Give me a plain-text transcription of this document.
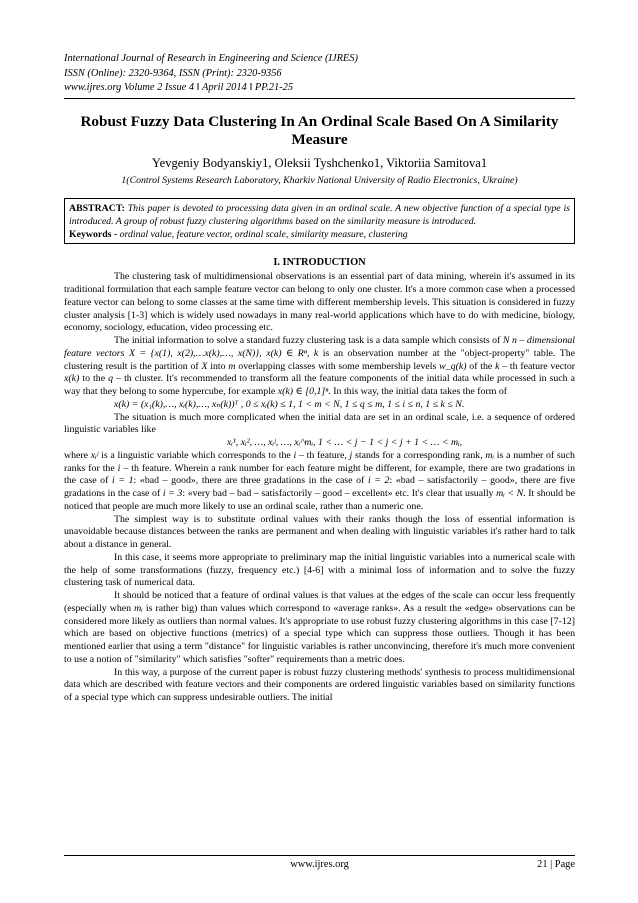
International Journal of Research in Engineering and Science (IJRES)
ISSN (Online): 2320-9364, ISSN (Print): 2320-9356
www.ijres.org Volume 2 Issue 4 ǁ April 2014 ǁ PP.21-25
Robust Fuzzy Data Clustering In An Ordinal Scale Based On A Similarity Measure
Yevgeniy Bodyanskiy1, Oleksii Tyshchenko1, Viktoriia Samitova1
1(Control Systems Research Laboratory, Kharkiv National University of Radio Electronics, Ukraine)
ABSTRACT: This paper is devoted to processing data given in an ordinal scale. A new objective function of a special type is introduced. A group of robust fuzzy clustering algorithms based on the similarity measure is introduced.
Keywords - ordinal value, feature vector, ordinal scale, similarity measure, clustering
I. INTRODUCTION

The clustering task of multidimensional observations is an essential part of data mining, wherein it's assumed in its traditional formulation that each sample feature vector can belong to only one cluster. It's a more common case when a processed feature vector can belong to some classes at the same time with different membership levels. This situation is considered in fuzzy cluster analysis [1-3] which is widely used nowadays in many real-world applications which have to do with medicine, biology, economy, sociology, education, video processing etc.

The initial information to solve a standard fuzzy clustering task is a data sample which consists of N n – dimensional feature vectors X = {x(1), x(2),…x(k),…, x(N)}, x(k) ∈ Rⁿ, k is an observation number at the "object-property" table. The clustering result is the partition of X into m overlapping classes with some membership levels w_q(k) of the k – th feature vector x(k) to the q – th cluster. It's recommended to transform all the feature components of the initial data while processed in such a way that they belong to some hypercube, for example x(k) ∈ [0,1]ⁿ. In this way, the initial data takes the form of

x(k) = (x₁(k),…, xᵢ(k),…, xₙ(k))ᵀ , 0 ≤ xᵢ(k) ≤ 1, 1 < m < N, 1 ≤ q ≤ m, 1 ≤ i ≤ n, 1 ≤ k ≤ N.

The situation is much more complicated when the initial data are set in an ordinal scale, i.e. a sequence of ordered linguistic variables like

xᵢ¹, xᵢ², …, xᵢʲ, …, xᵢ^mᵢ, 1 < … < j − 1 < j < j + 1 < … < mᵢ,

where xᵢʲ is a linguistic variable which corresponds to the i – th feature, j stands for a corresponding rank, mᵢ is a number of such ranks for the i – th feature. Wherein a rank number for each feature might be different, for example, there are two gradations in the case of i = 1: «bad – good», there are three gradations in the case of i = 2: «bad – satisfactorily – good», there are five gradations in the case of i = 3: «very bad – bad – satisfactorily – good – excellent» etc. It's clear that usually mᵢ < N. It should be noticed that people are much more likely to use an ordinal scale, rather than a numeric one.

The simplest way is to substitute ordinal values with their ranks though the loss of essential information is unavoidable because distances between the ranks are permanent and when dealing with linguistic variables it's rather hard to talk about a distance in general.

In this case, it seems more appropriate to preliminary map the initial linguistic variables into a numerical scale with the help of some transformations (fuzzy, frequency etc.) [4-6] with a minimal loss of information and to solve the fuzzy clustering task of numerical data.

It should be noticed that a feature of ordinal values is that values at the edges of the scale can occur less frequently (especially when mᵢ is rather big) than values which correspond to «average ranks». As a result the «edge» observations can be considered more likely as outliers than normal values. It's appropriate to use robust fuzzy clustering algorithms in this case [7-12] which are based on objective functions (metrics) of a special type which can suppress those outliers. Though it has been mentioned earlier that using a term "distance" for linguistic variables is rather unconvincing, therefore it's much more convenient to use a notion of "similarity" which satisfies "softer" requirements than a metric does.

In this way, a purpose of the current paper is robust fuzzy clustering methods' synthesis to process multidimensional data which are described with feature vectors and their components are ordered linguistic variables based on similarity functions of a special type which can suppress undesirable outliers. The initial

www.ijres.org	21 | Page
